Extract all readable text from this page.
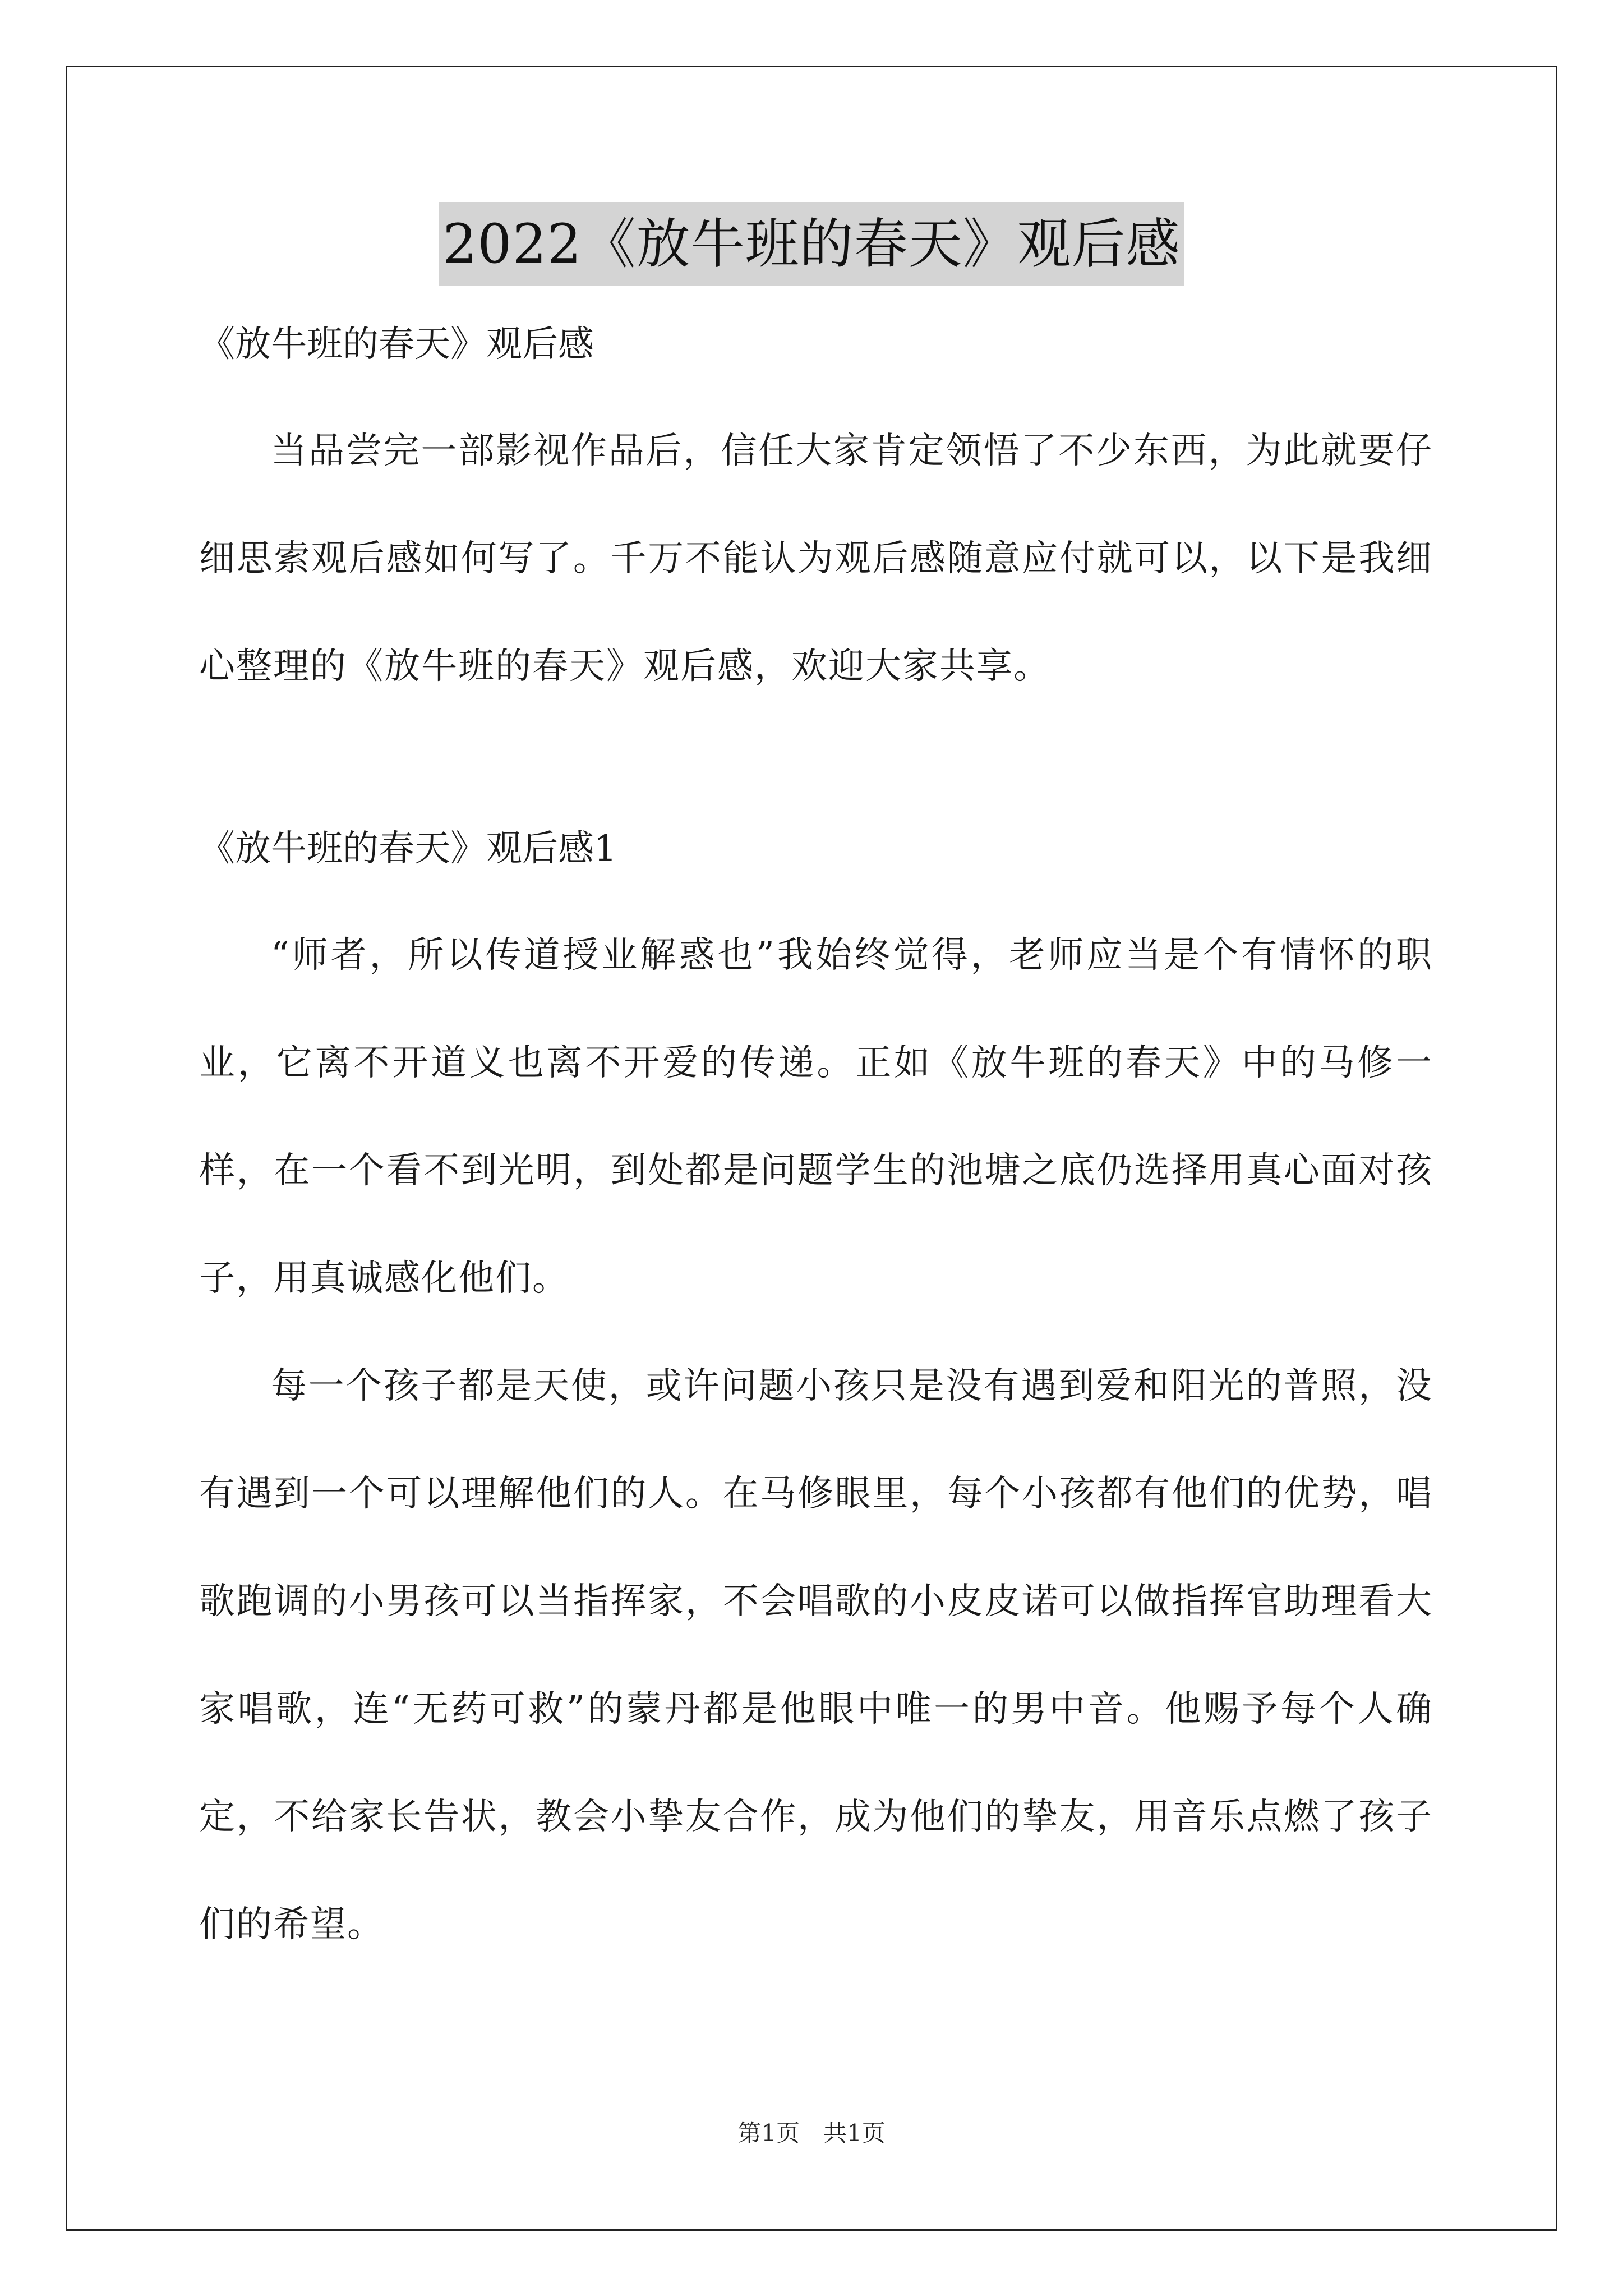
2022《放牛班的春天》观后感
《放牛班的春天》观后感

当品尝完一部影视作品后，信任大家肯定领悟了不少东西，为此就要仔细思索观后感如何写了。千万不能认为观后感随意应付就可以，以下是我细心整理的《放牛班的春天》观后感，欢迎大家共享。

《放牛班的春天》观后感1

“师者，所以传道授业解惑也”我始终觉得，老师应当是个有情怀的职业，它离不开道义也离不开爱的传递。正如《放牛班的春天》中的马修一样，在一个看不到光明，到处都是问题学生的池塘之底仍选择用真心面对孩子，用真诚感化他们。

每一个孩子都是天使，或许问题小孩只是没有遇到爱和阳光的普照，没有遇到一个可以理解他们的人。在马修眼里，每个小孩都有他们的优势，唱歌跑调的小男孩可以当指挥家，不会唱歌的小皮皮诺可以做指挥官助理看大家唱歌，连“无药可救”的蒙丹都是他眼中唯一的男中音。他赐予每个人确定，不给家长告状，教会小挚友合作，成为他们的挚友，用音乐点燃了孩子们的希望。

第1页　共1页
